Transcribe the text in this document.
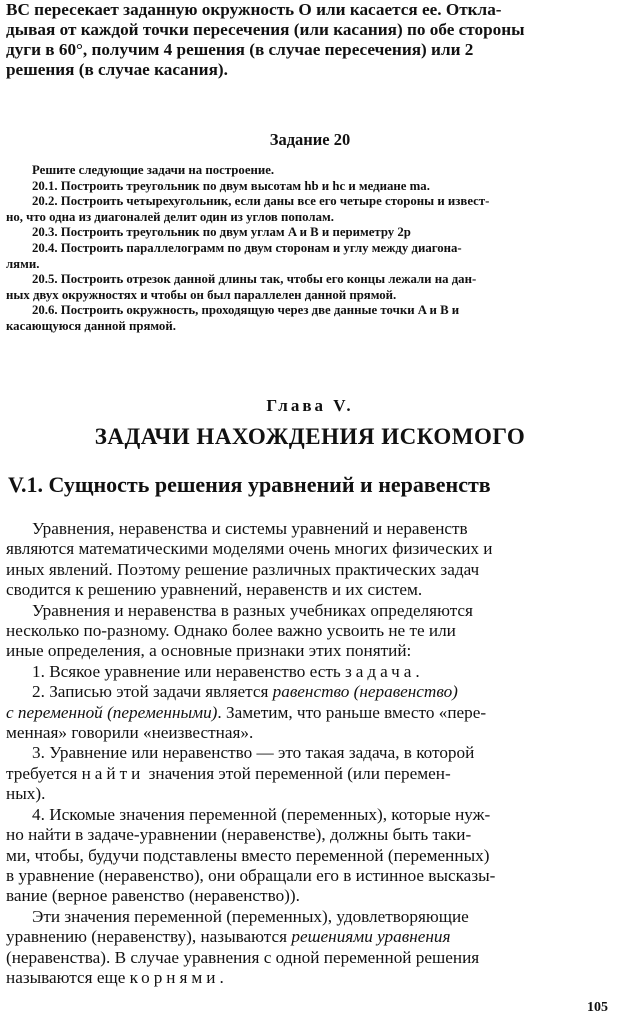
ВС пересекает заданную окружность О или касается ее. Откла-
дывая от каждой точки пересечения (или касания) по обе стороны
дуги в 60°, получим 4 решения (в случае пересечения) или 2
решения (в случае касания).
Задание 20
Решите следующие задачи на построение.
20.1. Построить треугольник по двум высотам hb и hc и медиане ma.
20.2. Построить четырехугольник, если даны все его четыре стороны и извест-
но, что одна из диагоналей делит один из углов пополам.
20.3. Построить треугольник по двум углам A и B и периметру 2p
20.4. Построить параллелограмм по двум сторонам и углу между диагона-
лями.
20.5. Построить отрезок данной длины так, чтобы его концы лежали на дан-
ных двух окружностях и чтобы он был параллелен данной прямой.
20.6. Построить окружность, проходящую через две данные точки A и B и
касающуюся данной прямой.
Глава V.
ЗАДАЧИ НАХОЖДЕНИЯ ИСКОМОГО
V.1. Сущность решения уравнений и неравенств
Уравнения, неравенства и системы уравнений и неравенств
являются математическими моделями очень многих физических и
иных явлений. Поэтому решение различных практических задач
сводится к решению уравнений, неравенств и их систем.
Уравнения и неравенства в разных учебниках определяются
несколько по-разному. Однако более важно усвоить не те или
иные определения, а основные признаки этих понятий:
1. Всякое уравнение или неравенство есть задача.
2. Записью этой задачи является равенство (неравенство)
с переменной (переменными). Заметим, что раньше вместо «пере-
менная» говорили «неизвестная».
3. Уравнение или неравенство — это такая задача, в которой
требуется найти значения этой переменной (или перемен-
ных).
4. Искомые значения переменной (переменных), которые нуж-
но найти в задаче-уравнении (неравенстве), должны быть таки-
ми, чтобы, будучи подставлены вместо переменной (переменных)
в уравнение (неравенство), они обращали его в истинное высказы-
вание (верное равенство (неравенство)).
Эти значения переменной (переменных), удовлетворяющие
уравнению (неравенству), называются решениями уравнения
(неравенства). В случае уравнения с одной переменной решения
называются еще корнями.
105
